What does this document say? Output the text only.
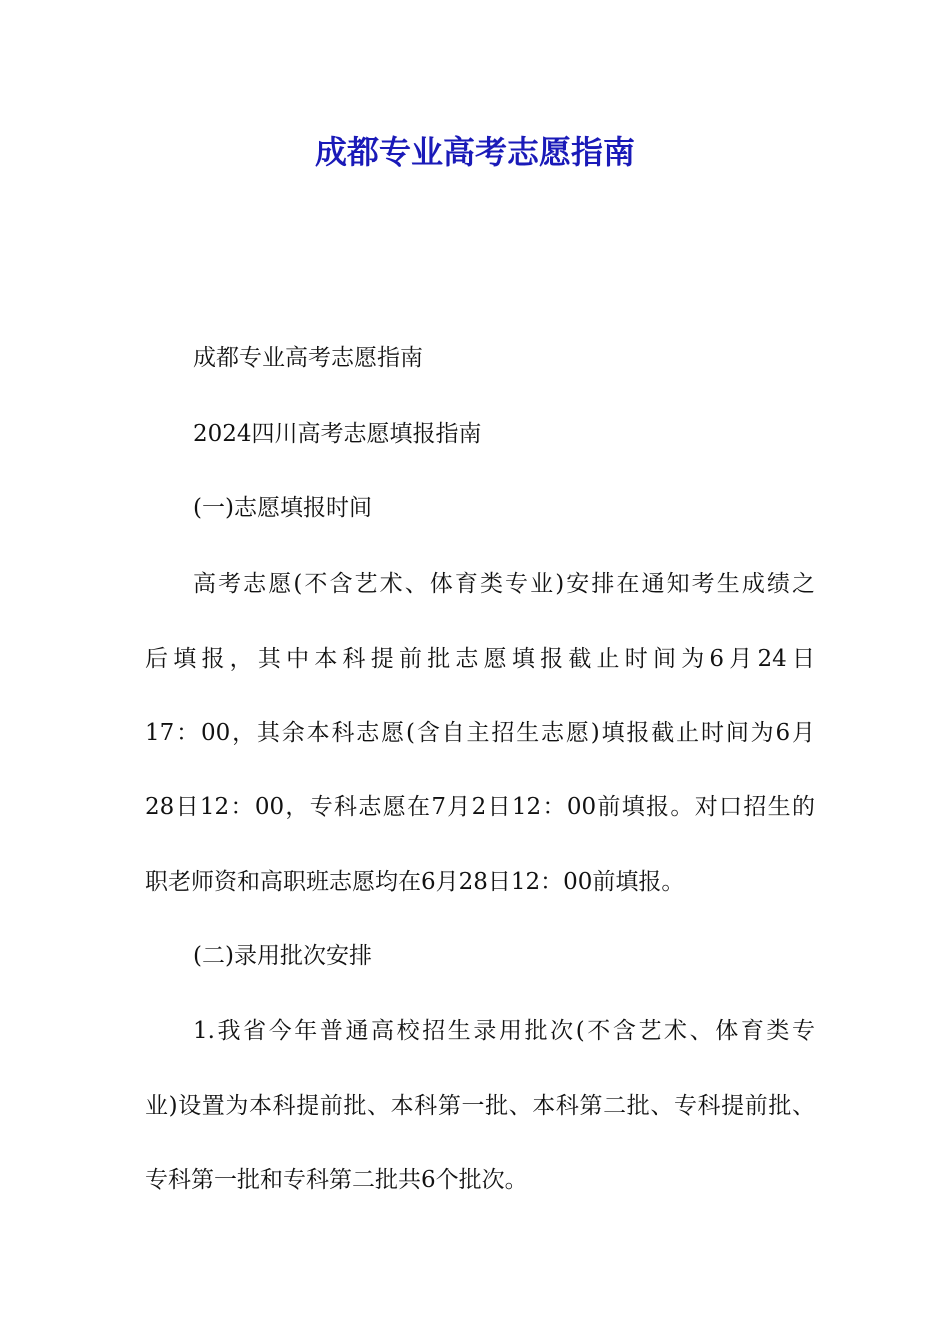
成都专业高考志愿指南
成都专业高考志愿指南
2024四川高考志愿填报指南
(一)志愿填报时间
高考志愿(不含艺术、体育类专业)安排在通知考生成绩之
后填报，其中本科提前批志愿填报截止时间为6月24日
17：00，其余本科志愿(含自主招生志愿)填报截止时间为6月
28日12：00，专科志愿在7月2日12：00前填报。对口招生的
职老师资和高职班志愿均在6月28日12：00前填报。
(二)录用批次安排
1.我省今年普通高校招生录用批次(不含艺术、体育类专
业)设置为本科提前批、本科第一批、本科第二批、专科提前批、
专科第一批和专科第二批共6个批次。
